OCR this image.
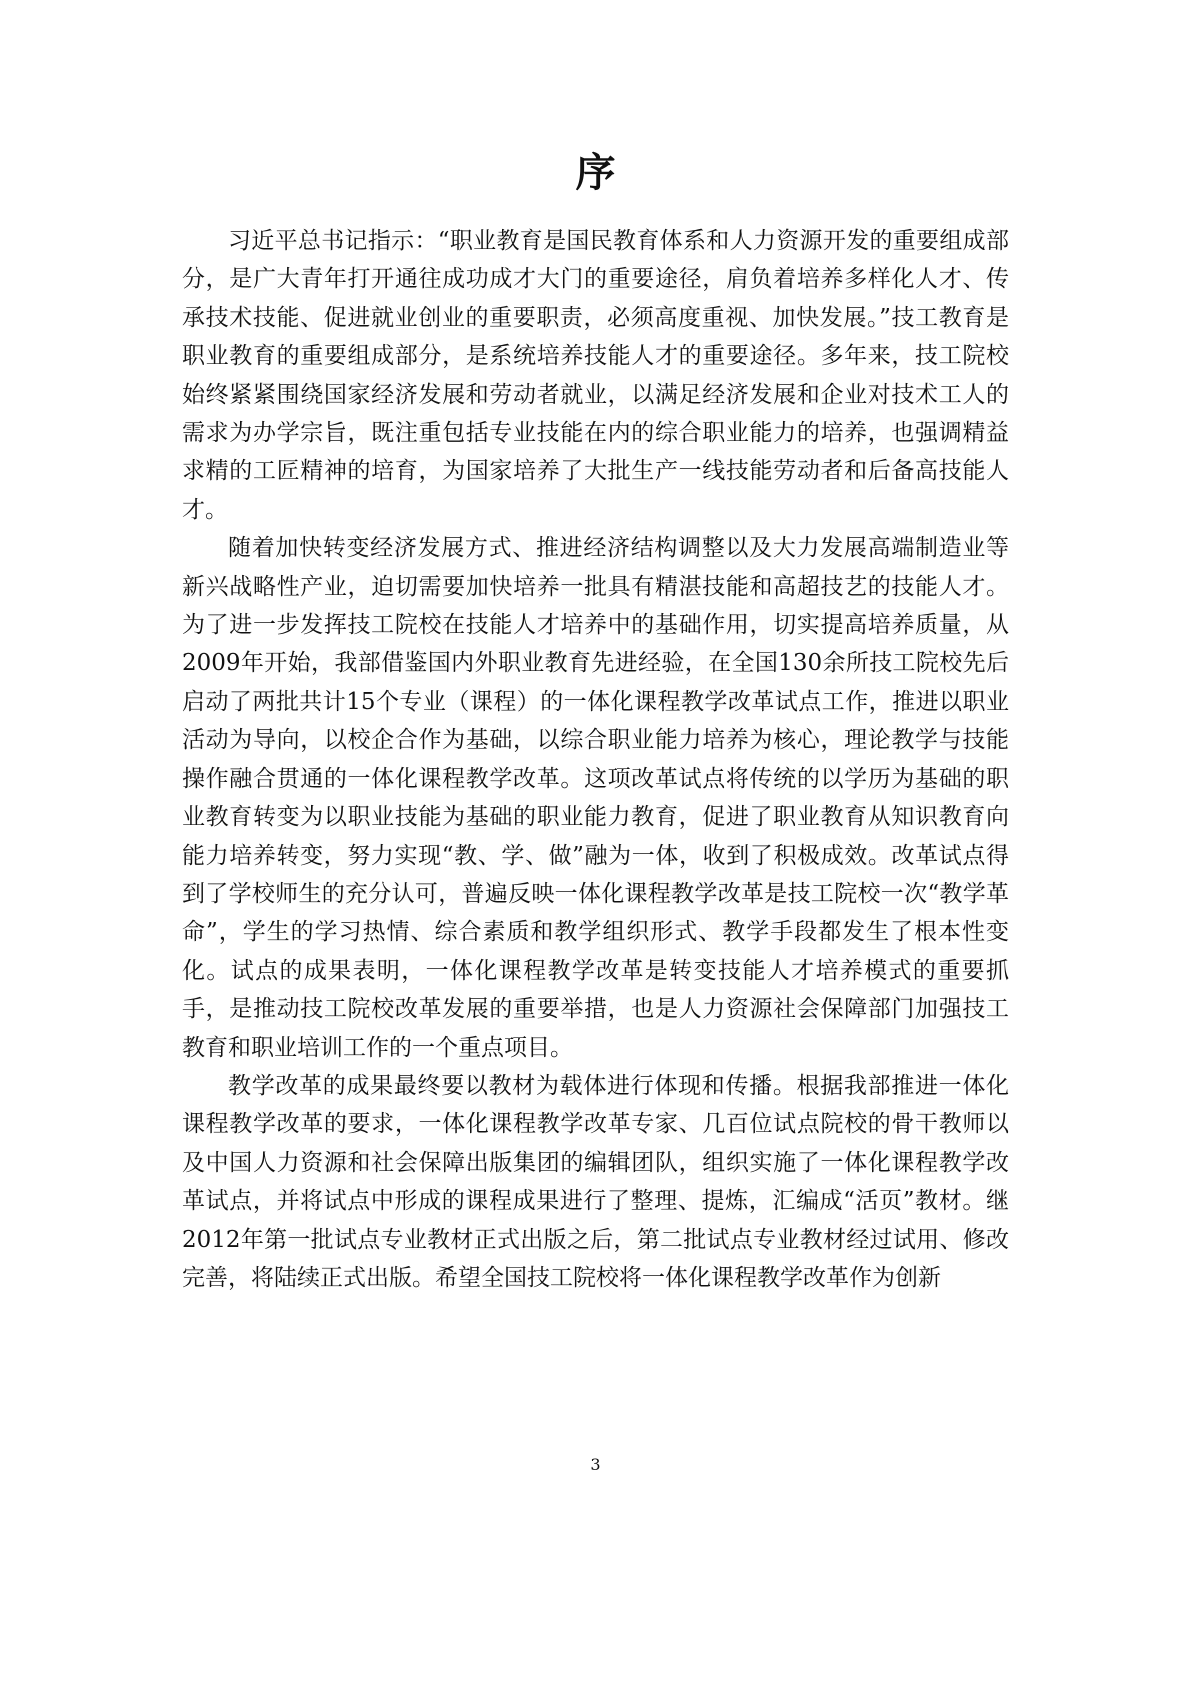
序

习近平总书记指示：“职业教育是国民教育体系和人力资源开发的重要组成部分，是广大青年打开通往成功成才大门的重要途径，肩负着培养多样化人才、传承技术技能、促进就业创业的重要职责，必须高度重视、加快发展。”技工教育是职业教育的重要组成部分，是系统培养技能人才的重要途径。多年来，技工院校始终紧紧围绕国家经济发展和劳动者就业，以满足经济发展和企业对技术工人的需求为办学宗旨，既注重包括专业技能在内的综合职业能力的培养，也强调精益求精的工匠精神的培育，为国家培养了大批生产一线技能劳动者和后备高技能人才。

随着加快转变经济发展方式、推进经济结构调整以及大力发展高端制造业等新兴战略性产业，迫切需要加快培养一批具有精湛技能和高超技艺的技能人才。为了进一步发挥技工院校在技能人才培养中的基础作用，切实提高培养质量，从2009年开始，我部借鉴国内外职业教育先进经验，在全国130余所技工院校先后启动了两批共计15个专业（课程）的一体化课程教学改革试点工作，推进以职业活动为导向，以校企合作为基础，以综合职业能力培养为核心，理论教学与技能操作融合贯通的一体化课程教学改革。这项改革试点将传统的以学历为基础的职业教育转变为以职业技能为基础的职业能力教育，促进了职业教育从知识教育向能力培养转变，努力实现“教、学、做”融为一体，收到了积极成效。改革试点得到了学校师生的充分认可，普遍反映一体化课程教学改革是技工院校一次“教学革命”，学生的学习热情、综合素质和教学组织形式、教学手段都发生了根本性变化。试点的成果表明，一体化课程教学改革是转变技能人才培养模式的重要抓手，是推动技工院校改革发展的重要举措，也是人力资源社会保障部门加强技工教育和职业培训工作的一个重点项目。

教学改革的成果最终要以教材为载体进行体现和传播。根据我部推进一体化课程教学改革的要求，一体化课程教学改革专家、几百位试点院校的骨干教师以及中国人力资源和社会保障出版集团的编辑团队，组织实施了一体化课程教学改革试点，并将试点中形成的课程成果进行了整理、提炼，汇编成“活页”教材。继2012年第一批试点专业教材正式出版之后，第二批试点专业教材经过试用、修改完善，将陆续正式出版。希望全国技工院校将一体化课程教学改革作为创新

3
